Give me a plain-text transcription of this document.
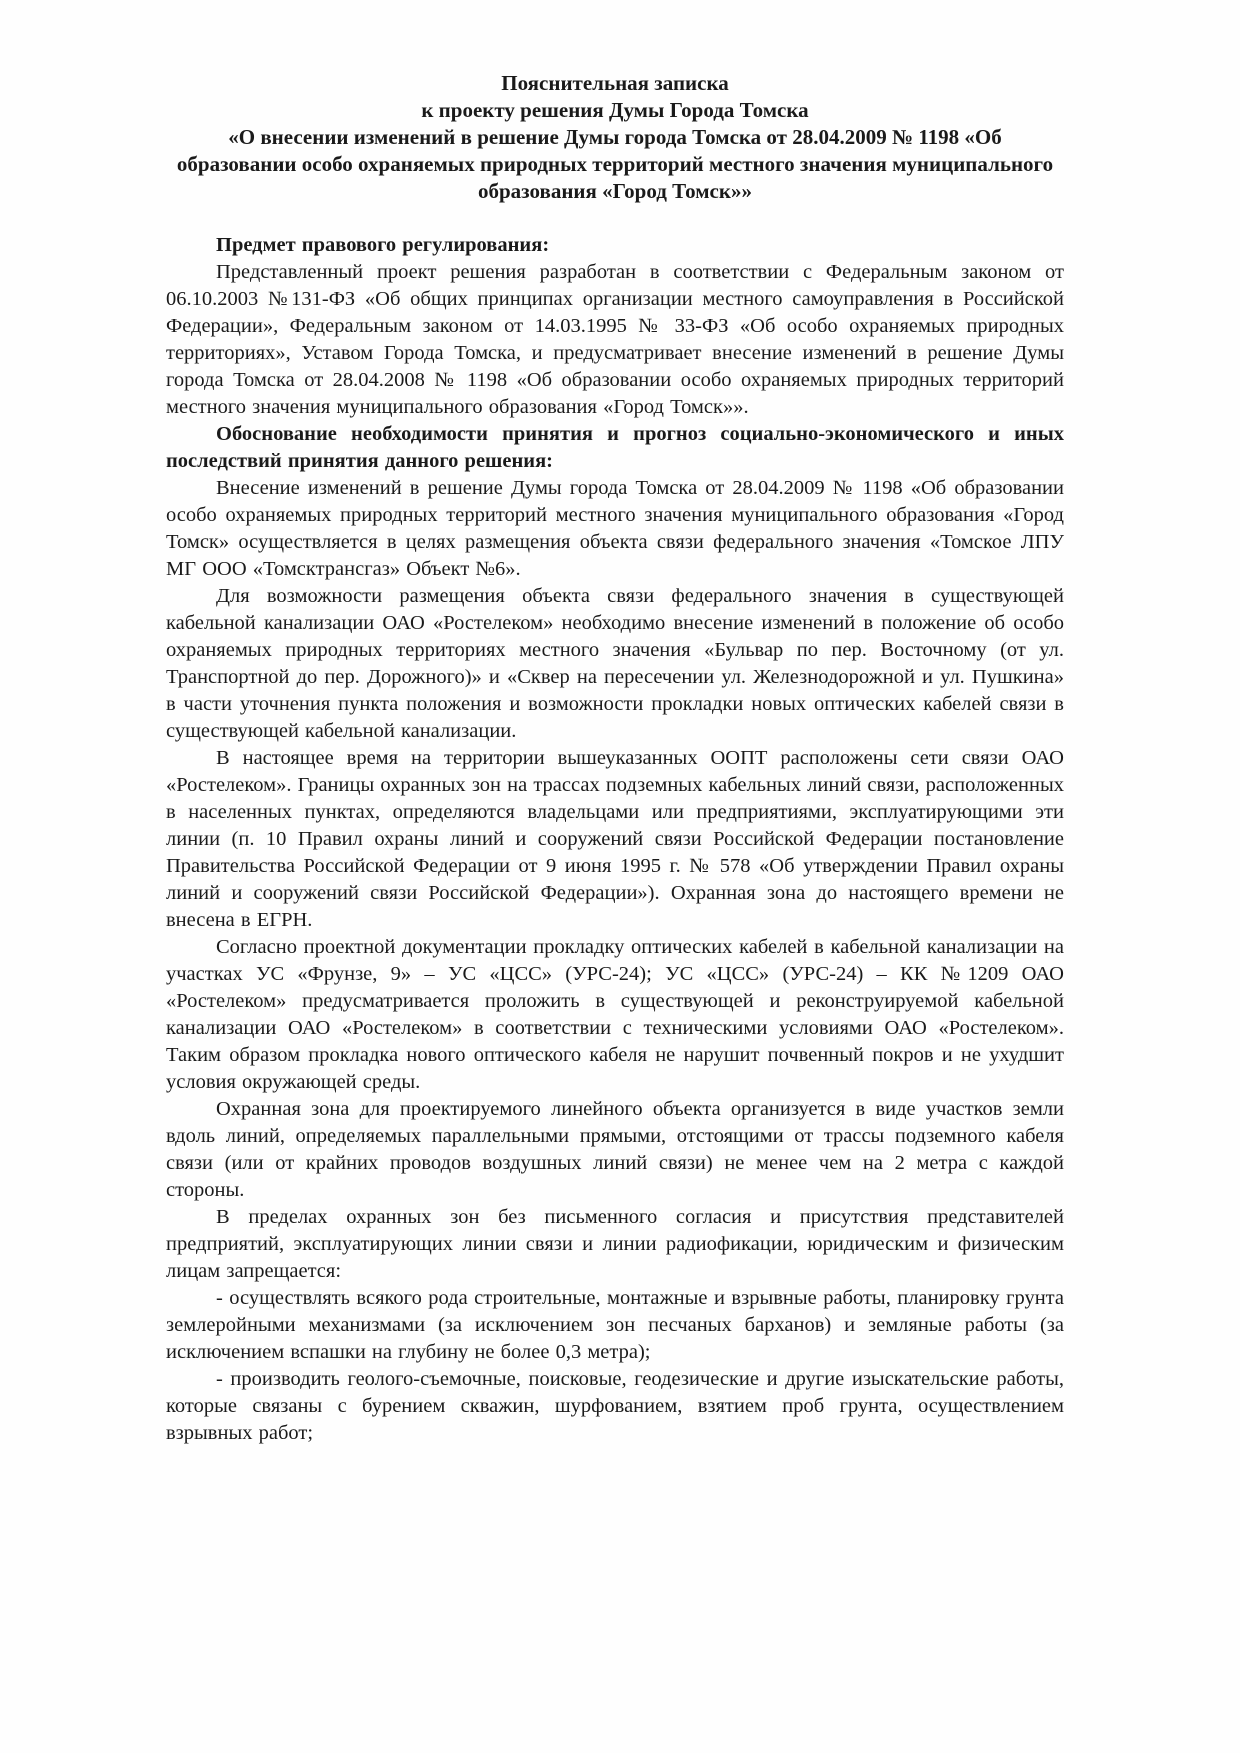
Пояснительная записка
к проекту решения Думы Города Томска
«О внесении изменений в решение Думы города Томска от 28.04.2009 № 1198 «Об образовании особо охраняемых природных территорий местного значения муниципального образования «Город Томск»»

Предмет правового регулирования:

Представленный проект решения разработан в соответствии с Федеральным законом от 06.10.2003 №131-ФЗ «Об общих принципах организации местного самоуправления в Российской Федерации», Федеральным законом от 14.03.1995 № 33-ФЗ «Об особо охраняемых природных территориях», Уставом Города Томска, и предусматривает внесение изменений в решение Думы города Томска от 28.04.2008 № 1198 «Об образовании особо охраняемых природных территорий местного значения муниципального образования «Город Томск»».

Обоснование необходимости принятия и прогноз социально-экономического и иных последствий принятия данного решения:

Внесение изменений в решение Думы города Томска от 28.04.2009 № 1198 «Об образовании особо охраняемых природных территорий местного значения муниципального образования «Город Томск» осуществляется в целях размещения объекта связи федерального значения «Томское ЛПУ МГ ООО «Томсктрансгаз» Объект №6».

Для возможности размещения объекта связи федерального значения в существующей кабельной канализации ОАО «Ростелеком» необходимо внесение изменений в положение об особо охраняемых природных территориях местного значения «Бульвар по пер. Восточному (от ул. Транспортной до пер. Дорожного)» и «Сквер на пересечении ул. Железнодорожной и ул. Пушкина» в части уточнения пункта положения и возможности прокладки новых оптических кабелей связи в существующей кабельной канализации.

В настоящее время на территории вышеуказанных ООПТ расположены сети связи ОАО «Ростелеком». Границы охранных зон на трассах подземных кабельных линий связи, расположенных в населенных пунктах, определяются владельцами или предприятиями, эксплуатирующими эти линии (п. 10 Правил охраны линий и сооружений связи Российской Федерации постановление Правительства Российской Федерации от 9 июня 1995 г. № 578 «Об утверждении Правил охраны линий и сооружений связи Российской Федерации»). Охранная зона до настоящего времени не внесена в ЕГРН.

Согласно проектной документации прокладку оптических кабелей в кабельной канализации на участках УС «Фрунзе, 9» – УС «ЦСС» (УРС-24); УС «ЦСС» (УРС-24) – КК №1209 ОАО «Ростелеком» предусматривается проложить в существующей и реконструируемой кабельной канализации ОАО «Ростелеком» в соответствии с техническими условиями ОАО «Ростелеком». Таким образом прокладка нового оптического кабеля не нарушит почвенный покров и не ухудшит условия окружающей среды.

Охранная зона для проектируемого линейного объекта организуется в виде участков земли вдоль линий, определяемых параллельными прямыми, отстоящими от трассы подземного кабеля связи (или от крайних проводов воздушных линий связи) не менее чем на 2 метра с каждой стороны.

В пределах охранных зон без письменного согласия и присутствия представителей предприятий, эксплуатирующих линии связи и линии радиофикации, юридическим и физическим лицам запрещается:

- осуществлять всякого рода строительные, монтажные и взрывные работы, планировку грунта землеройными механизмами (за исключением зон песчаных барханов) и земляные работы (за исключением вспашки на глубину не более 0,3 метра);

- производить геолого-съемочные, поисковые, геодезические и другие изыскательские работы, которые связаны с бурением скважин, шурфованием, взятием проб грунта, осуществлением взрывных работ;
